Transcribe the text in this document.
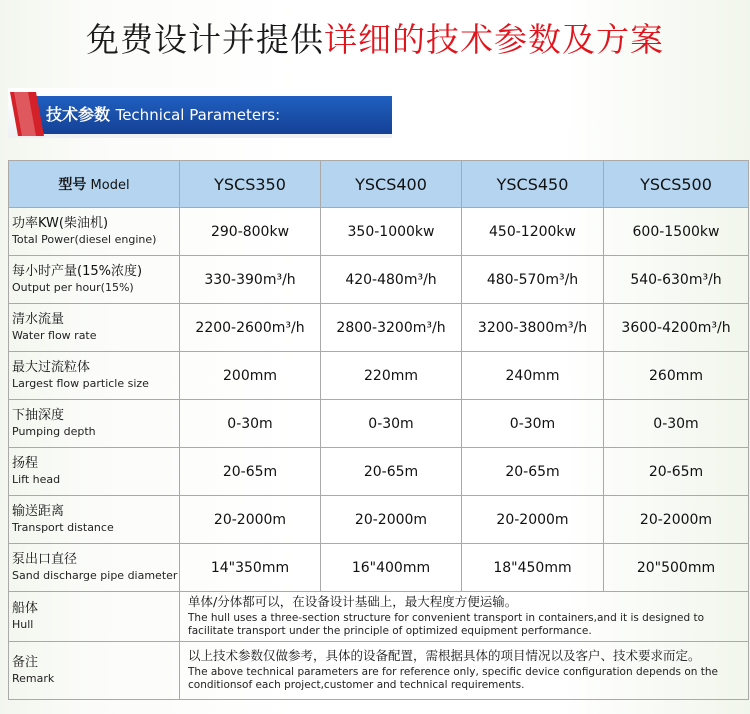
免费设计并提供详细的技术参数及方案
技术参数 Technical Parameters:
型号 Model	YSCS350	YSCS400	YSCS450	YSCS500

功率KW(柴油机)
Total Power(diesel engine)	290-800kw	350-1000kw	450-1200kw	600-1500kw

每小时产量(15%浓度)
Output per hour(15%)	330-390m³/h	420-480m³/h	480-570m³/h	540-630m³/h

清水流量
Water flow rate	2200-2600m³/h	2800-3200m³/h	3200-3800m³/h	3600-4200m³/h

最大过流粒体
Largest flow particle size	200mm	220mm	240mm	260mm

下抽深度
Pumping depth	0-30m	0-30m	0-30m	0-30m

扬程
Lift head	20-65m	20-65m	20-65m	20-65m

输送距离
Transport distance	20-2000m	20-2000m	20-2000m	20-2000m

泵出口直径
Sand discharge pipe diameter	14"350mm	16"400mm	18"450mm	20"500mm

船体
Hull	单体/分体都可以，在设备设计基础上，最大程度方便运输。
The hull uses a three-section structure for convenient transport in containers,and it is designed to facilitate transport under the principle of optimized equipment performance.			

备注
Remark	以上技术参数仅做参考，具体的设备配置，需根据具体的项目情况以及客户、技术要求而定。
The above technical parameters are for reference only, specific device configuration depends on the conditionsof each project,customer and technical requirements.			
